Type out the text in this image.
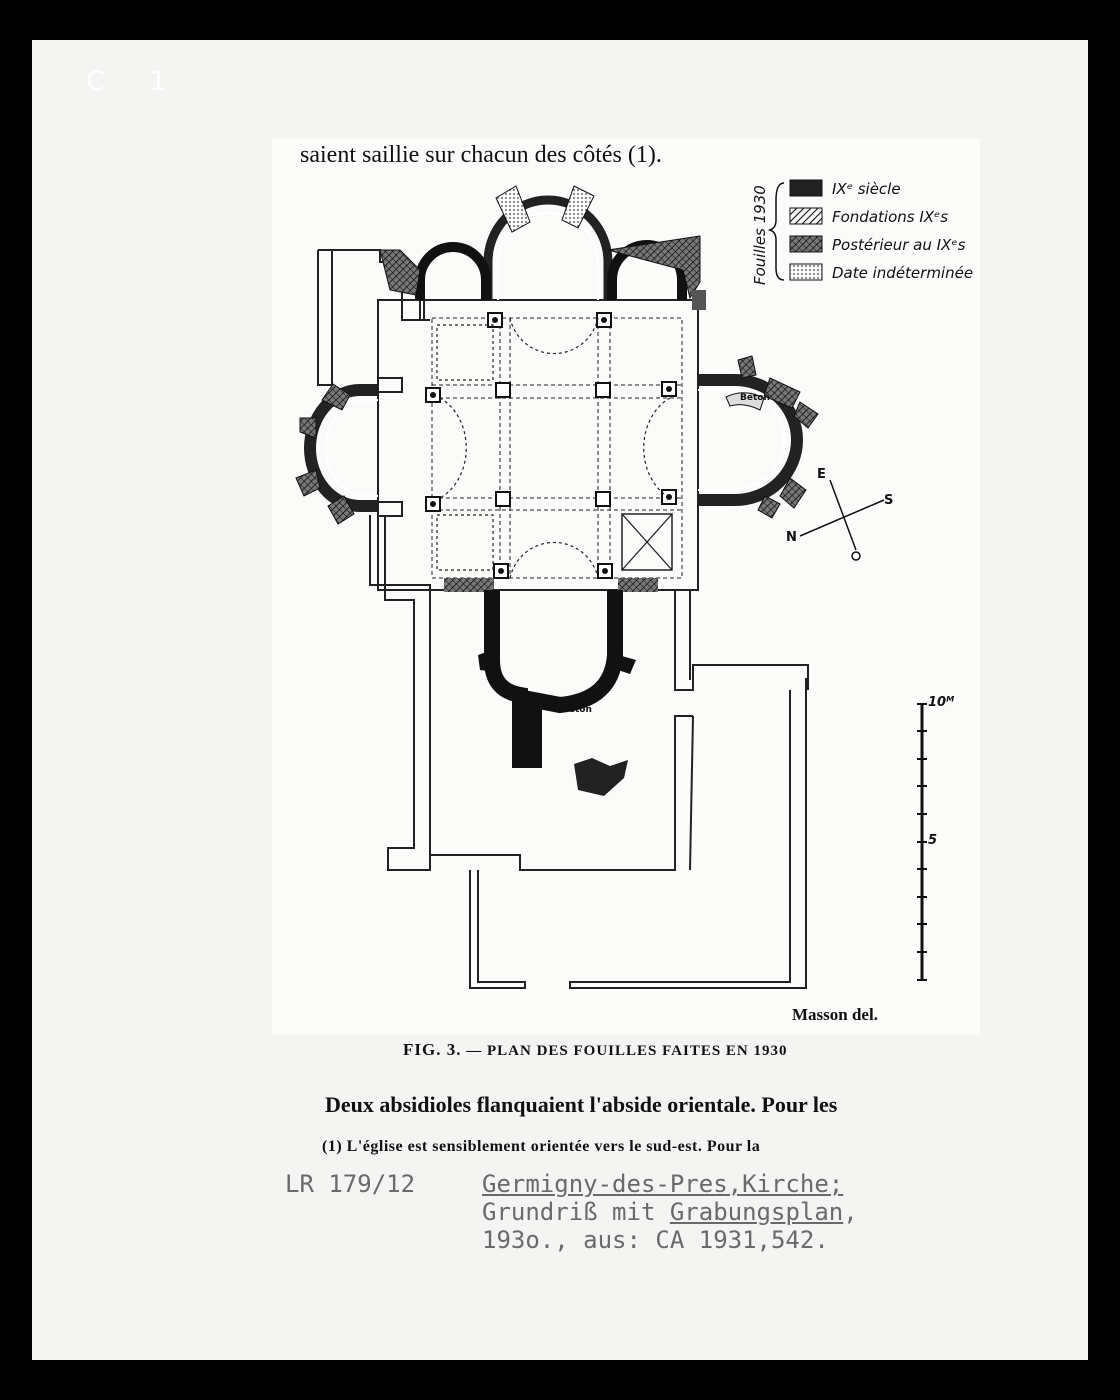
C 1
saient saillie sur chacun des côtés (1).
Béton
Béton
Fouilles 1930	IXᵉ siècle
Fondations IXᵉs
Postérieur au IXᵉs
Date indéterminée
E
S
N
10ᴹ
5
Masson del.
FIG. 3. — PLAN DES FOUILLES FAITES EN 1930
Deux absidioles flanquaient l'abside orientale. Pour les
(1) L'église est sensiblement orientée vers le sud-est. Pour la
LR 179/12	Germigny-des-Pres,Kirche;
Grundriß mit Grabungsplan,
193o., aus: CA 1931,542.
